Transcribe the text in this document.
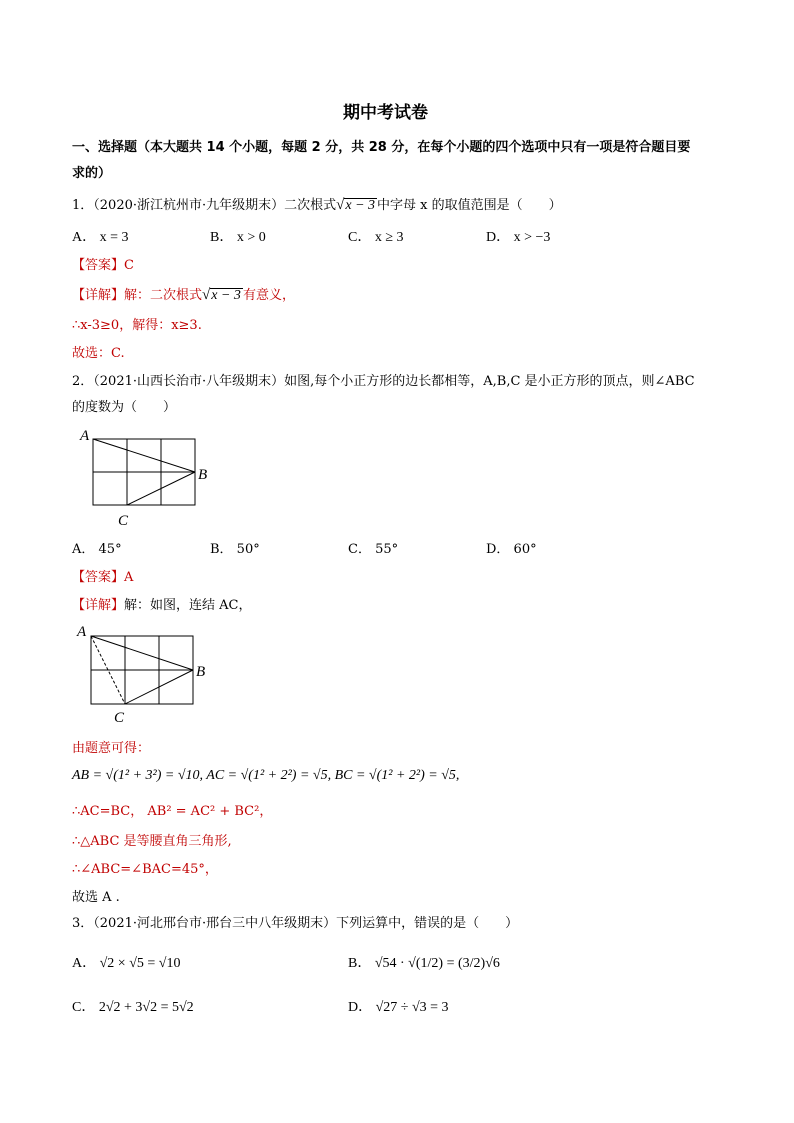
期中考试卷
一、选择题（本大题共 14 个小题，每题 2 分，共 28 分，在每个小题的四个选项中只有一项是符合题目要
求的）
1．（2020·浙江杭州市·九年级期末）二次根式√x − 3 中字母 x 的取值范围是（　　）
A． x = 3	B． x > 0	C． x ≥ 3	D． x > −3
【答案】C
【详解】解：二次根式√x − 3 有意义，
∴x-3≥0，解得：x≥3.
故选：C.
2．（2021·山西长治市·八年级期末）如图,每个小正方形的边长都相等，A,B,C 是小正方形的顶点，则∠ABC
的度数为（　　）
A
B
C
A． 45°	B． 50°	C． 55°	D． 60°
【答案】A
【详解】解：如图，连结 AC，
A
B
C
由题意可得：
AB = √(1² + 3²) = √10, AC = √(1² + 2²) = √5, BC = √(1² + 2²) = √5,
∴AC=BC， AB² = AC² + BC²，
∴△ABC 是等腰直角三角形,
∴∠ABC=∠BAC=45°，
故选 A .
3．（2021·河北邢台市·邢台三中八年级期末）下列运算中，错误的是（　　）
A． √2 × √5 = √10	B． √54 · √(1/2) = (3/2)√6
C． 2√2 + 3√2 = 5√2	D． √27 ÷ √3 = 3
